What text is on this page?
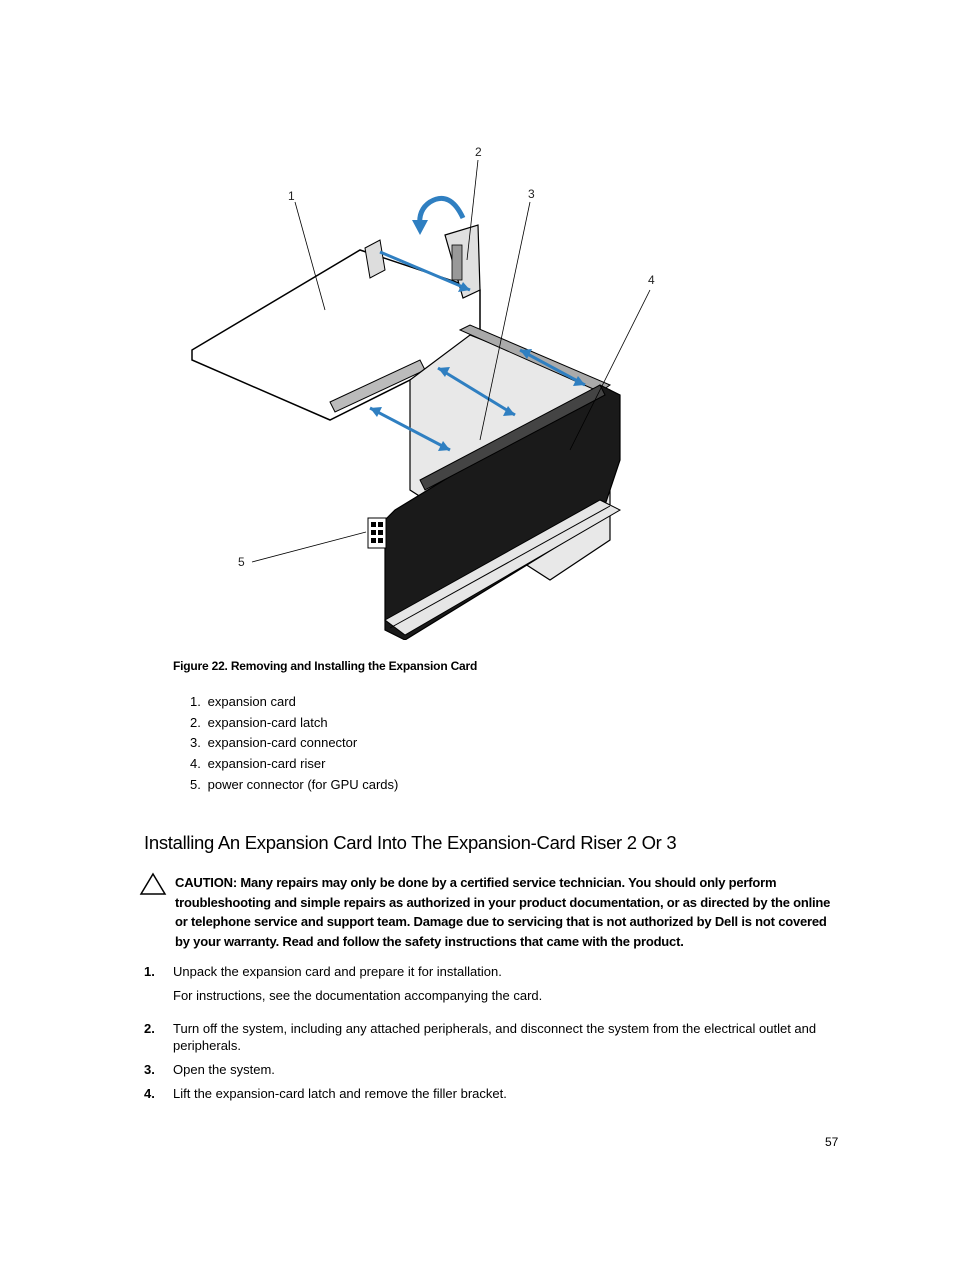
1
2
3
4
5
Figure 22. Removing and Installing the Expansion Card
1. expansion card
2. expansion-card latch
3. expansion-card connector
4. expansion-card riser
5. power connector (for GPU cards)
Installing An Expansion Card Into The Expansion-Card Riser 2 Or 3
CAUTION: Many repairs may only be done by a certified service technician. You should only perform troubleshooting and simple repairs as authorized in your product documentation, or as directed by the online or telephone service and support team. Damage due to servicing that is not authorized by Dell is not covered by your warranty. Read and follow the safety instructions that came with the product.
1. Unpack the expansion card and prepare it for installation.
For instructions, see the documentation accompanying the card.
2. Turn off the system, including any attached peripherals, and disconnect the system from the electrical outlet and peripherals.
3. Open the system.
4. Lift the expansion-card latch and remove the filler bracket.
57
